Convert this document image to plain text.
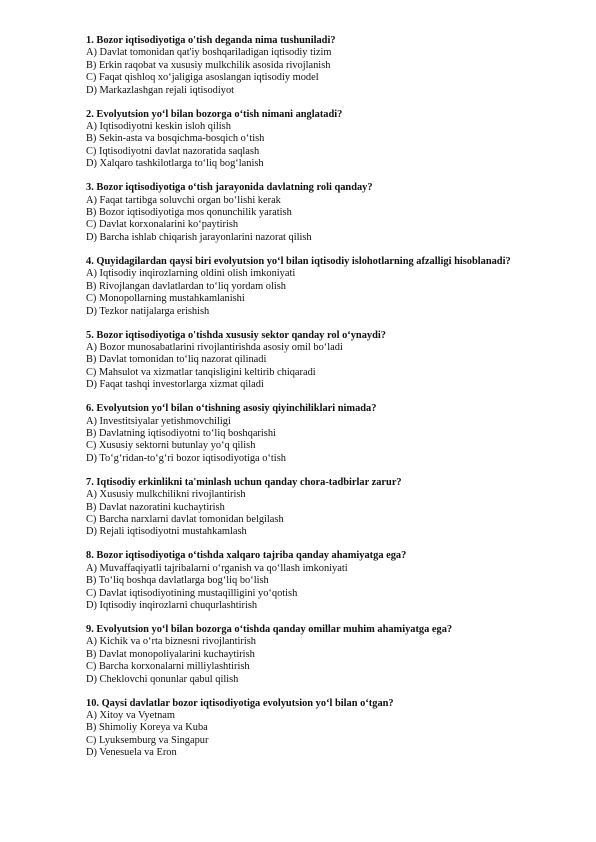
1. Bozor iqtisodiyotiga o'tish deganda nima tushuniladi?
A) Davlat tomonidan qat'iy boshqariladigan iqtisodiy tizim
B) Erkin raqobat va xususiy mulkchilik asosida rivojlanish
C) Faqat qishloq xo‘jaligiga asoslangan iqtisodiy model
D) Markazlashgan rejali iqtisodiyot
2. Evolyutsion yo‘l bilan bozorga o‘tish nimani anglatadi?
A) Iqtisodiyotni keskin isloh qilish
B) Sekin-asta va bosqichma-bosqich o‘tish
C) Iqtisodiyotni davlat nazoratida saqlash
D) Xalqaro tashkilotlarga to‘liq bog‘lanish
3. Bozor iqtisodiyotiga o‘tish jarayonida davlatning roli qanday?
A) Faqat tartibga soluvchi organ bo‘lishi kerak
B) Bozor iqtisodiyotiga mos qonunchilik yaratish
C) Davlat korxonalarini ko‘paytirish
D) Barcha ishlab chiqarish jarayonlarini nazorat qilish
4. Quyidagilardan qaysi biri evolyutsion yo‘l bilan iqtisodiy islohotlarning afzalligi hisoblanadi?
A) Iqtisodiy inqirozlarning oldini olish imkoniyati
B) Rivojlangan davlatlardan to‘liq yordam olish
C) Monopollarning mustahkamlanishi
D) Tezkor natijalarga erishish
5. Bozor iqtisodiyotiga o'tishda xususiy sektor qanday rol o‘ynaydi?
A) Bozor munosabatlarini rivojlantirishda asosiy omil bo‘ladi
B) Davlat tomonidan to‘liq nazorat qilinadi
C) Mahsulot va xizmatlar tanqisligini keltirib chiqaradi
D) Faqat tashqi investorlarga xizmat qiladi
6. Evolyutsion yo‘l bilan o‘tishning asosiy qiyinchiliklari nimada?
A) Investitsiyalar yetishmovchiligi
B) Davlatning iqtisodiyotni to‘liq boshqarishi
C) Xususiy sektorni butunlay yo‘q qilish
D) To‘g‘ridan-to‘g‘ri bozor iqtisodiyotiga o‘tish
7. Iqtisodiy erkinlikni ta'minlash uchun qanday chora-tadbirlar zarur?
A) Xususiy mulkchilikni rivojlantirish
B) Davlat nazoratini kuchaytirish
C) Barcha narxlarni davlat tomonidan belgilash
D) Rejali iqtisodiyotni mustahkamlash
8. Bozor iqtisodiyotiga o‘tishda xalqaro tajriba qanday ahamiyatga ega?
A) Muvaffaqiyatli tajribalarni o‘rganish va qo‘llash imkoniyati
B) To‘liq boshqa davlatlarga bog‘liq bo‘lish
C) Davlat iqtisodiyotining mustaqilligini yo‘qotish
D) Iqtisodiy inqirozlarni chuqurlashtirish
9. Evolyutsion yo‘l bilan bozorga o‘tishda qanday omillar muhim ahamiyatga ega?
A) Kichik va o‘rta biznesni rivojlantirish
B) Davlat monopoliyalarini kuchaytirish
C) Barcha korxonalarni milliylashtirish
D) Cheklovchi qonunlar qabul qilish
10. Qaysi davlatlar bozor iqtisodiyotiga evolyutsion yo‘l bilan o‘tgan?
A) Xitoy va Vyetnam
B) Shimoliy Koreya va Kuba
C) Lyuksemburg va Singapur
D) Venesuela va Eron
